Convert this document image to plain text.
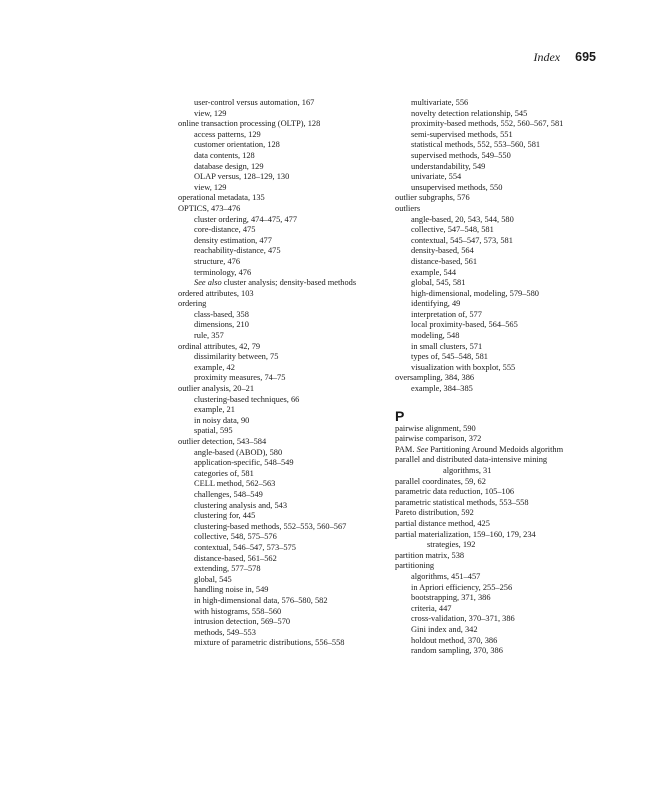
Index 695
user-control versus automation, 167
view, 129
online transaction processing (OLTP), 128
access patterns, 129
customer orientation, 128
data contents, 128
database design, 129
OLAP versus, 128–129, 130
view, 129
operational metadata, 135
OPTICS, 473–476
cluster ordering, 474–475, 477
core-distance, 475
density estimation, 477
reachability-distance, 475
structure, 476
terminology, 476
See also cluster analysis; density-based methods
ordered attributes, 103
ordering
class-based, 358
dimensions, 210
rule, 357
ordinal attributes, 42, 79
dissimilarity between, 75
example, 42
proximity measures, 74–75
outlier analysis, 20–21
clustering-based techniques, 66
example, 21
in noisy data, 90
spatial, 595
outlier detection, 543–584
angle-based (ABOD), 580
application-specific, 548–549
categories of, 581
CELL method, 562–563
challenges, 548–549
clustering analysis and, 543
clustering for, 445
clustering-based methods, 552–553, 560–567
collective, 548, 575–576
contextual, 546–547, 573–575
distance-based, 561–562
extending, 577–578
global, 545
handling noise in, 549
in high-dimensional data, 576–580, 582
with histograms, 558–560
intrusion detection, 569–570
methods, 549–553
mixture of parametric distributions, 556–558
multivariate, 556
novelty detection relationship, 545
proximity-based methods, 552, 560–567, 581
semi-supervised methods, 551
statistical methods, 552, 553–560, 581
supervised methods, 549–550
understandability, 549
univariate, 554
unsupervised methods, 550
outlier subgraphs, 576
outliers
angle-based, 20, 543, 544, 580
collective, 547–548, 581
contextual, 545–547, 573, 581
density-based, 564
distance-based, 561
example, 544
global, 545, 581
high-dimensional, modeling, 579–580
identifying, 49
interpretation of, 577
local proximity-based, 564–565
modeling, 548
in small clusters, 571
types of, 545–548, 581
visualization with boxplot, 555
oversampling, 384, 386
example, 384–385
P
pairwise alignment, 590
pairwise comparison, 372
PAM. See Partitioning Around Medoids algorithm
parallel and distributed data-intensive mining
algorithms, 31
parallel coordinates, 59, 62
parametric data reduction, 105–106
parametric statistical methods, 553–558
Pareto distribution, 592
partial distance method, 425
partial materialization, 159–160, 179, 234
strategies, 192
partition matrix, 538
partitioning
algorithms, 451–457
in Apriori efficiency, 255–256
bootstrapping, 371, 386
criteria, 447
cross-validation, 370–371, 386
Gini index and, 342
holdout method, 370, 386
random sampling, 370, 386
